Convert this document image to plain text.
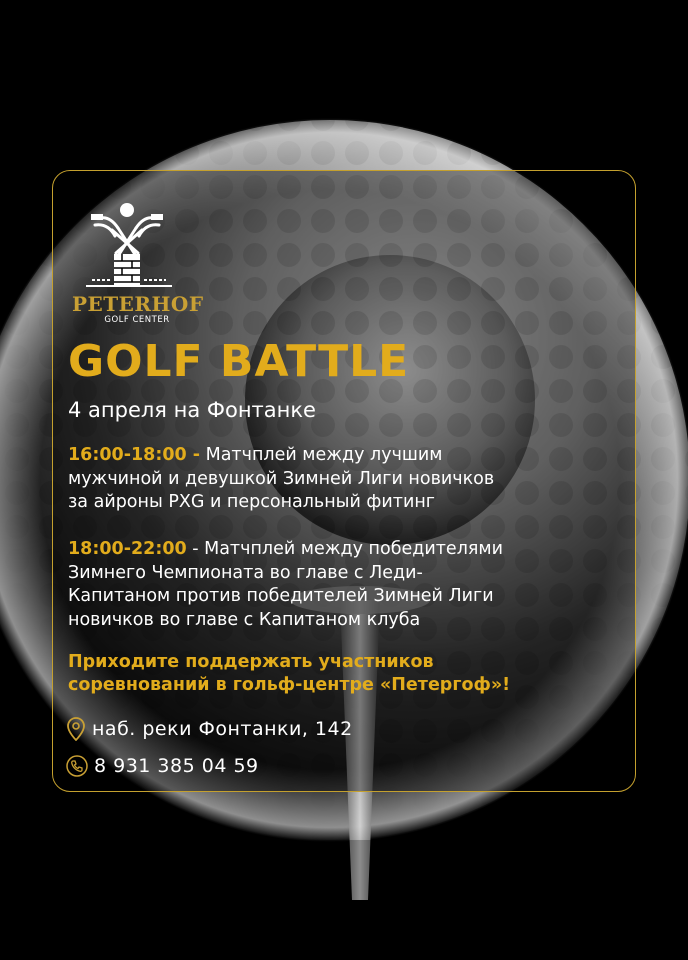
PETERHOF
GOLF CENTER
GOLF BATTLE
4 апреля на Фонтанке
16:00-18:00 - Матчплей между лучшим
мужчиной и девушкой Зимней Лиги новичков
за айроны PXG и персональный фитинг
18:00-22:00 - Матчплей между победителями
Зимнего Чемпионата во главе с Леди-
Капитаном против победителей Зимней Лиги
новичков во главе с Капитаном клуба
Приходите поддержать участников
соревнований в гольф-центре «Петергоф»!
наб. реки Фонтанки, 142
8 931 385 04 59
